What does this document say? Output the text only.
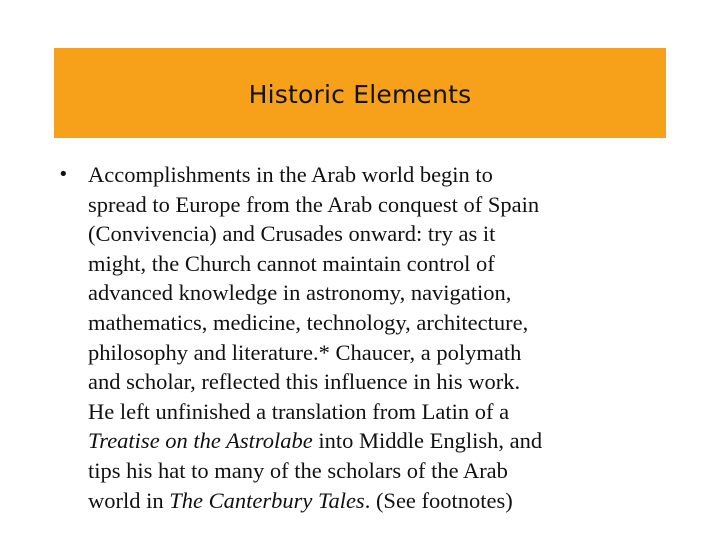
Historic Elements
• Accomplishments in the Arab world begin to
spread to Europe from the Arab conquest of Spain
(Convivencia) and Crusades onward: try as it
might, the Church cannot maintain control of
advanced knowledge in astronomy, navigation,
mathematics, medicine, technology, architecture,
philosophy and literature.* Chaucer, a polymath
and scholar, reflected this influence in his work.
He left unfinished a translation from Latin of a
Treatise on the Astrolabe into Middle English, and
tips his hat to many of the scholars of the Arab
world in The Canterbury Tales. (See footnotes)
